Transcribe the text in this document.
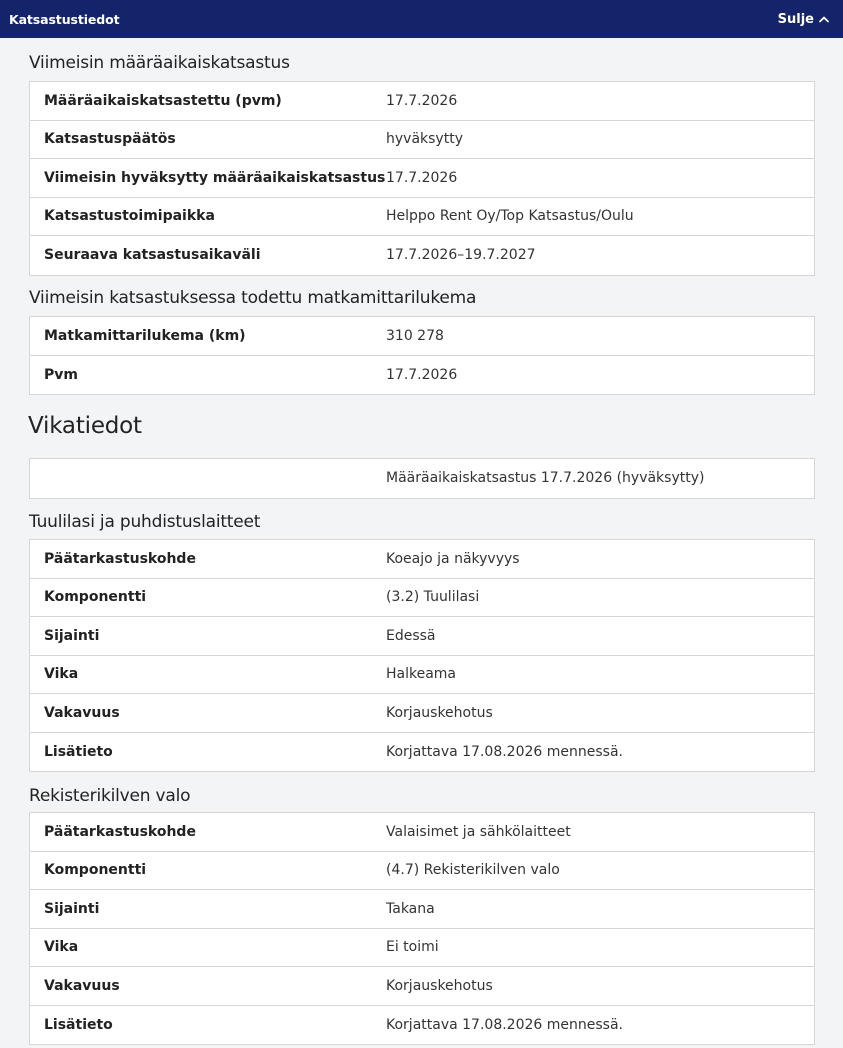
Katsastustiedot	Sulje
Viimeisin määräaikaiskatsastus
Määräaikaiskatsastettu (pvm)	17.7.2026
Katsastuspäätös	hyväksytty
Viimeisin hyväksytty määräaikaiskatsastus 17.7.2026
Katsastustoimipaikka	Helppo Rent Oy/Top Katsastus/Oulu
Seuraava katsastusaikaväli	17.7.2026–19.7.2027
Viimeisin katsastuksessa todettu matkamittarilukema
Matkamittarilukema (km)	310 278
Pvm	17.7.2026
Vikatiedot
Määräaikaiskatsastus 17.7.2026 (hyväksytty)
Tuulilasi ja puhdistuslaitteet
Päätarkastuskohde	Koeajo ja näkyvyys
Komponentti	(3.2) Tuulilasi
Sijainti	Edessä
Vika	Halkeama
Vakavuus	Korjauskehotus
Lisätieto	Korjattava 17.08.2026 mennessä.
Rekisterikilven valo
Päätarkastuskohde	Valaisimet ja sähkölaitteet
Komponentti	(4.7) Rekisterikilven valo
Sijainti	Takana
Vika	Ei toimi
Vakavuus	Korjauskehotus
Lisätieto	Korjattava 17.08.2026 mennessä.
